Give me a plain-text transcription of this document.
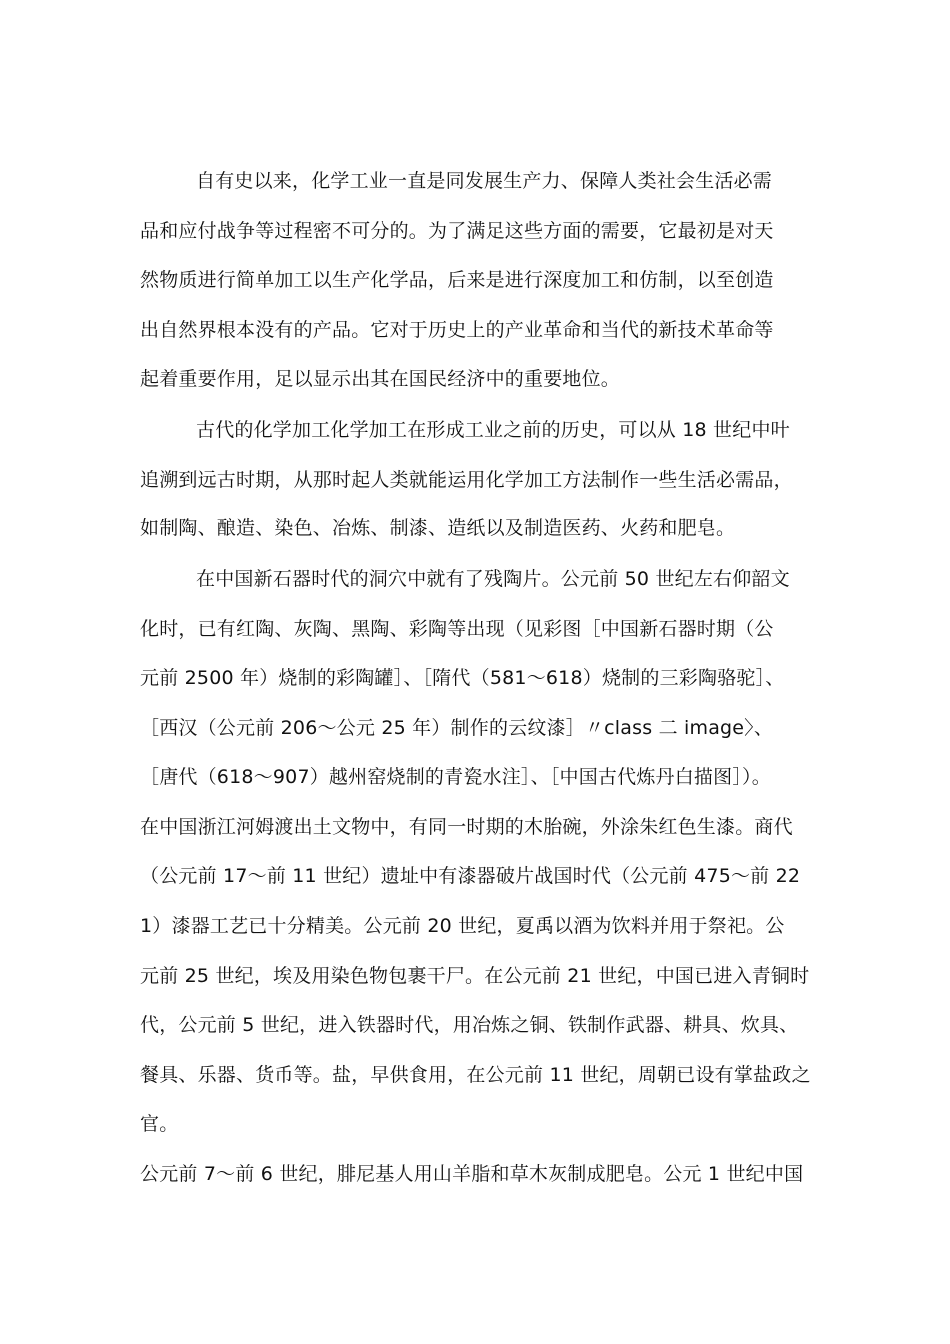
自有史以来，化学工业一直是同发展生产力、保障人类社会生活必需
品和应付战争等过程密不可分的。为了满足这些方面的需要，它最初是对天
然物质进行简单加工以生产化学品，后来是进行深度加工和仿制，以至创造
出自然界根本没有的产品。它对于历史上的产业革命和当代的新技术革命等
起着重要作用，足以显示出其在国民经济中的重要地位。
古代的化学加工化学加工在形成工业之前的历史，可以从 18 世纪中叶
追溯到远古时期，从那时起人类就能运用化学加工方法制作一些生活必需品，
如制陶、酿造、染色、冶炼、制漆、造纸以及制造医药、火药和肥皂。
在中国新石器时代的洞穴中就有了残陶片。公元前 50 世纪左右仰韶文
化时，已有红陶、灰陶、黑陶、彩陶等出现（见彩图［中国新石器时期（公
元前 2500 年）烧制的彩陶罐］、［隋代（581～618）烧制的三彩陶骆驼］、
［西汉（公元前 206～公元 25 年）制作的云纹漆］〃class 二 image〉、
［唐代（618～907）越州窑烧制的青瓷水注］、［中国古代炼丹白描图］）。
在中国浙江河姆渡出土文物中，有同一时期的木胎碗，外涂朱红色生漆。商代
（公元前 17～前 11 世纪）遗址中有漆器破片战国时代（公元前 475～前 22
1）漆器工艺已十分精美。公元前 20 世纪，夏禹以酒为饮料并用于祭祀。公
元前 25 世纪，埃及用染色物包裹干尸。在公元前 21 世纪，中国已进入青铜时
代，公元前 5 世纪，进入铁器时代，用冶炼之铜、铁制作武器、耕具、炊具、
餐具、乐器、货币等。盐，早供食用，在公元前 11 世纪，周朝已设有掌盐政之
官。
公元前 7～前 6 世纪，腓尼基人用山羊脂和草木灰制成肥皂。公元 1 世纪中国
